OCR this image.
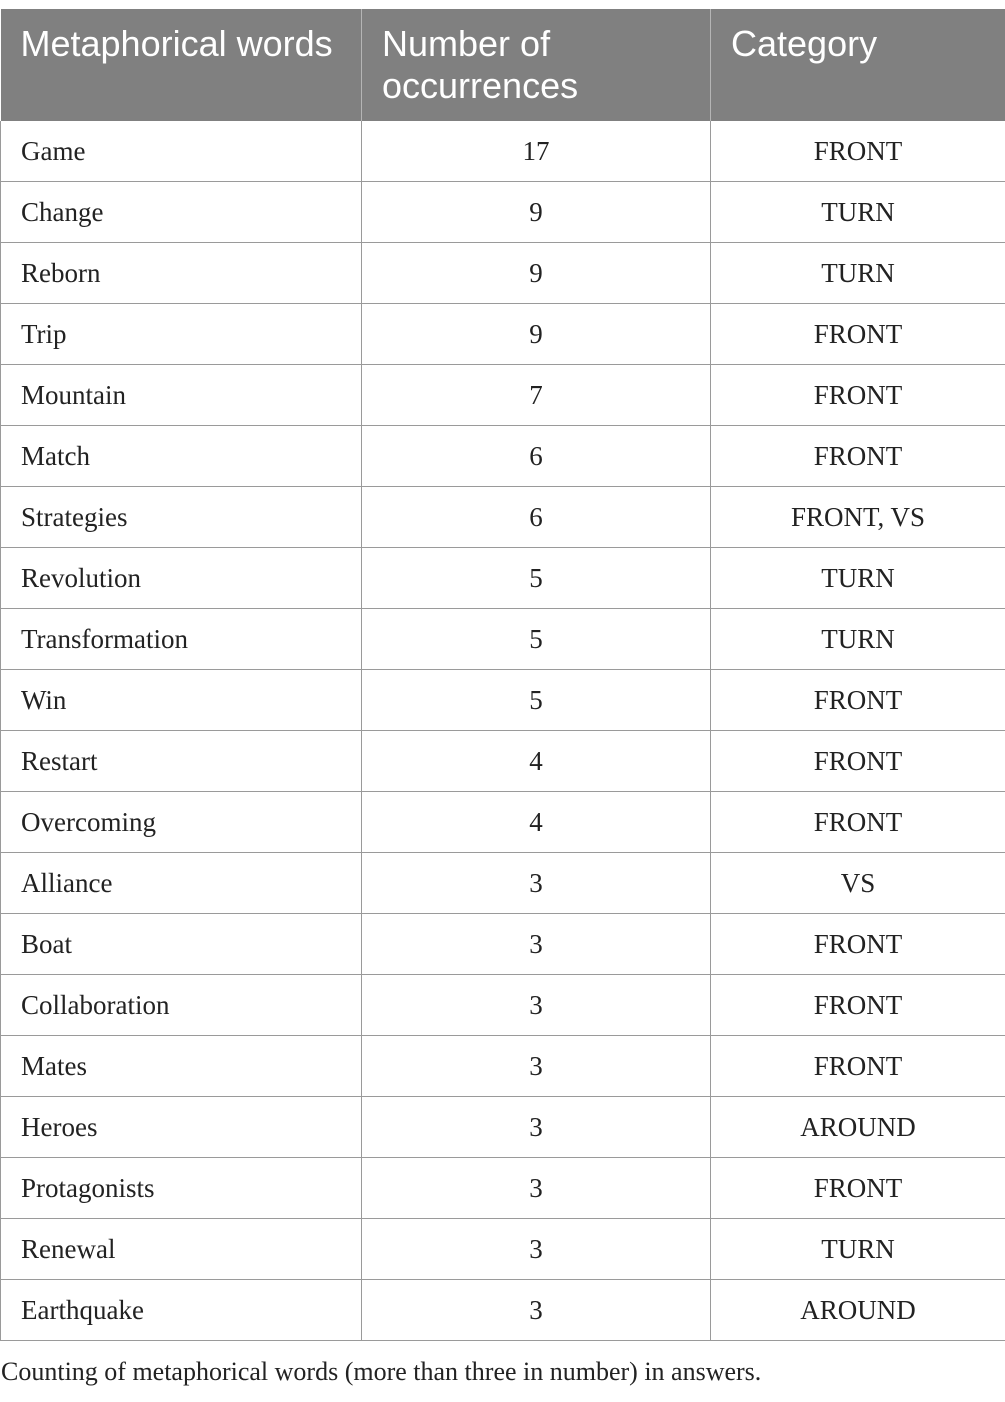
Metaphorical words	Number of occurrences	Category
Game	17	FRONT
Change	9	TURN
Reborn	9	TURN
Trip	9	FRONT
Mountain	7	FRONT
Match	6	FRONT
Strategies	6	FRONT, VS
Revolution	5	TURN
Transformation	5	TURN
Win	5	FRONT
Restart	4	FRONT
Overcoming	4	FRONT
Alliance	3	VS
Boat	3	FRONT
Collaboration	3	FRONT
Mates	3	FRONT
Heroes	3	AROUND
Protagonists	3	FRONT
Renewal	3	TURN
Earthquake	3	AROUND
Counting of metaphorical words (more than three in number) in answers.
